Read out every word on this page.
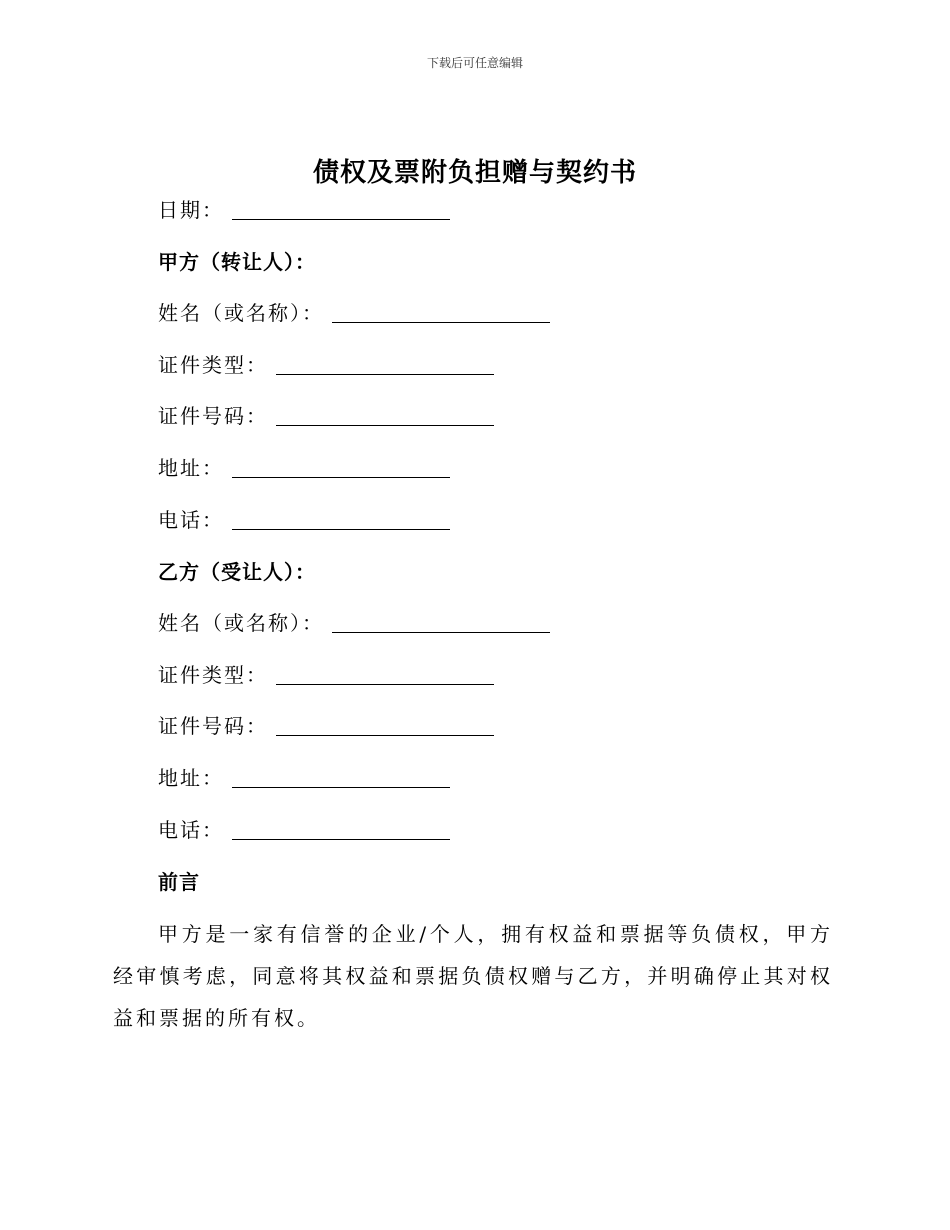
下载后可任意编辑
债权及票附负担赠与契约书
日期：
甲方（转让人）：
姓名（或名称）：
证件类型：
证件号码：
地址：
电话：
乙方（受让人）：
姓名（或名称）：
证件类型：
证件号码：
地址：
电话：
前言
甲方是一家有信誉的企业/个人，拥有权益和票据等负债权，甲方经审慎考虑，同意将其权益和票据负债权赠与乙方，并明确停止其对权益和票据的所有权。
